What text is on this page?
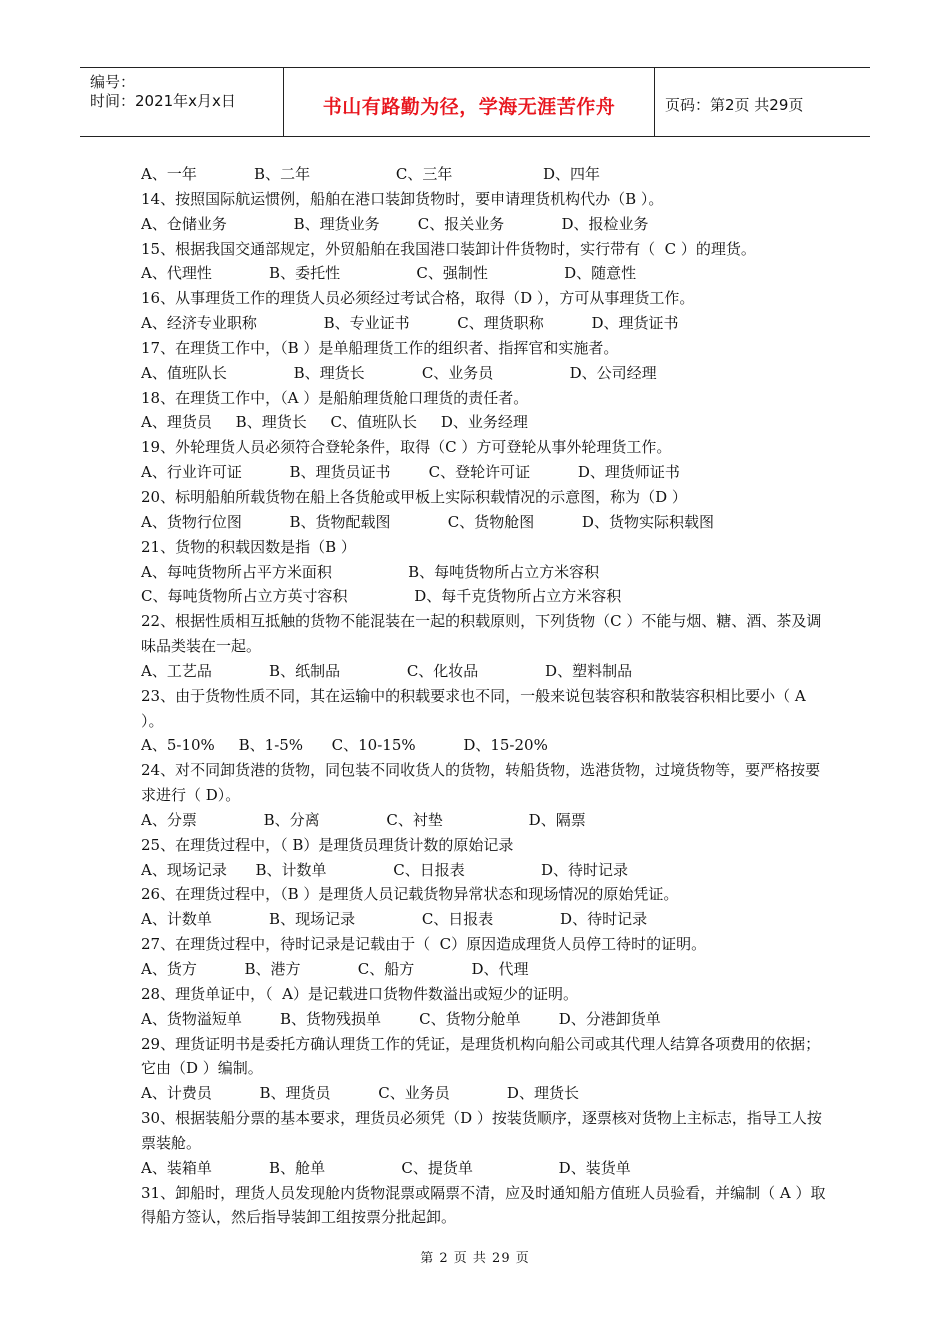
编号：
时间：2021年x月x日	书山有路勤为径，学海无涯苦作舟	页码：第2页 共29页
A、一年            B、二年                  C、三年                   D、四年
14、按照国际航运惯例，船舶在港口装卸货物时，要申请理货机构代办（B ）。
A、仓储业务              B、理货业务        C、报关业务            D、报检业务
15、根据我国交通部规定，外贸船舶在我国港口装卸计件货物时，实行带有（  C ）的理货。
A、代理性            B、委托性                C、强制性                D、随意性
16、从事理货工作的理货人员必须经过考试合格，取得（D ），方可从事理货工作。
A、经济专业职称              B、专业证书          C、理货职称          D、理货证书
17、在理货工作中，（B ）是单船理货工作的组织者、指挥官和实施者。
A、值班队长              B、理货长            C、业务员                D、公司经理
18、在理货工作中，（A ）是船舶理货舱口理货的责任者。
A、理货员     B、理货长     C、值班队长     D、业务经理
19、外轮理货人员必须符合登轮条件，取得（C ）方可登轮从事外轮理货工作。
A、行业许可证          B、理货员证书        C、登轮许可证          D、理货师证书
20、标明船舶所载货物在船上各货舱或甲板上实际积载情况的示意图，称为（D ）
A、货物行位图          B、货物配载图            C、货物舱图          D、货物实际积载图
21、货物的积载因数是指（B ）
A、每吨货物所占平方米面积                B、每吨货物所占立方米容积
C、每吨货物所占立方英寸容积              D、每千克货物所占立方米容积
22、根据性质相互抵触的货物不能混装在一起的积载原则，下列货物（C ）不能与烟、糖、酒、茶及调味品类装在一起。
A、工艺品            B、纸制品              C、化妆品              D、塑料制品
23、由于货物性质不同，其在运输中的积载要求也不同，一般来说包装容积和散装容积相比要小（ A ）。
A、5-10%     B、1-5%      C、10-15%          D、15-20%
24、对不同卸货港的货物，同包装不同收货人的货物，转船货物，选港货物，过境货物等，要严格按要求进行（ D）。
A、分票              B、分离              C、衬垫                  D、隔票
25、在理货过程中，（ B）是理货员理货计数的原始记录
A、现场记录      B、计数单              C、日报表                D、待时记录
26、在理货过程中，（B ）是理货人员记载货物异常状态和现场情况的原始凭证。
A、计数单            B、现场记录              C、日报表              D、待时记录
27、在理货过程中，待时记录是记载由于（  C）原因造成理货人员停工待时的证明。
A、货方          B、港方            C、船方            D、代理
28、理货单证中，（  A）是记载进口货物件数溢出或短少的证明。
A、货物溢短单        B、货物残损单        C、货物分舱单        D、分港卸货单
29、理货证明书是委托方确认理货工作的凭证，是理货机构向船公司或其代理人结算各项费用的依据；它由（D ）编制。
A、计费员          B、理货员          C、业务员            D、理货长
30、根据装船分票的基本要求，理货员必须凭（D ）按装货顺序，逐票核对货物上主标志，指导工人按票装舱。
A、装箱单            B、舱单                C、提货单                  D、装货单
31、卸船时，理货人员发现舱内货物混票或隔票不清，应及时通知船方值班人员验看，并编制（ A ）取得船方签认，然后指导装卸工组按票分批起卸。
第 2 页 共 29 页
